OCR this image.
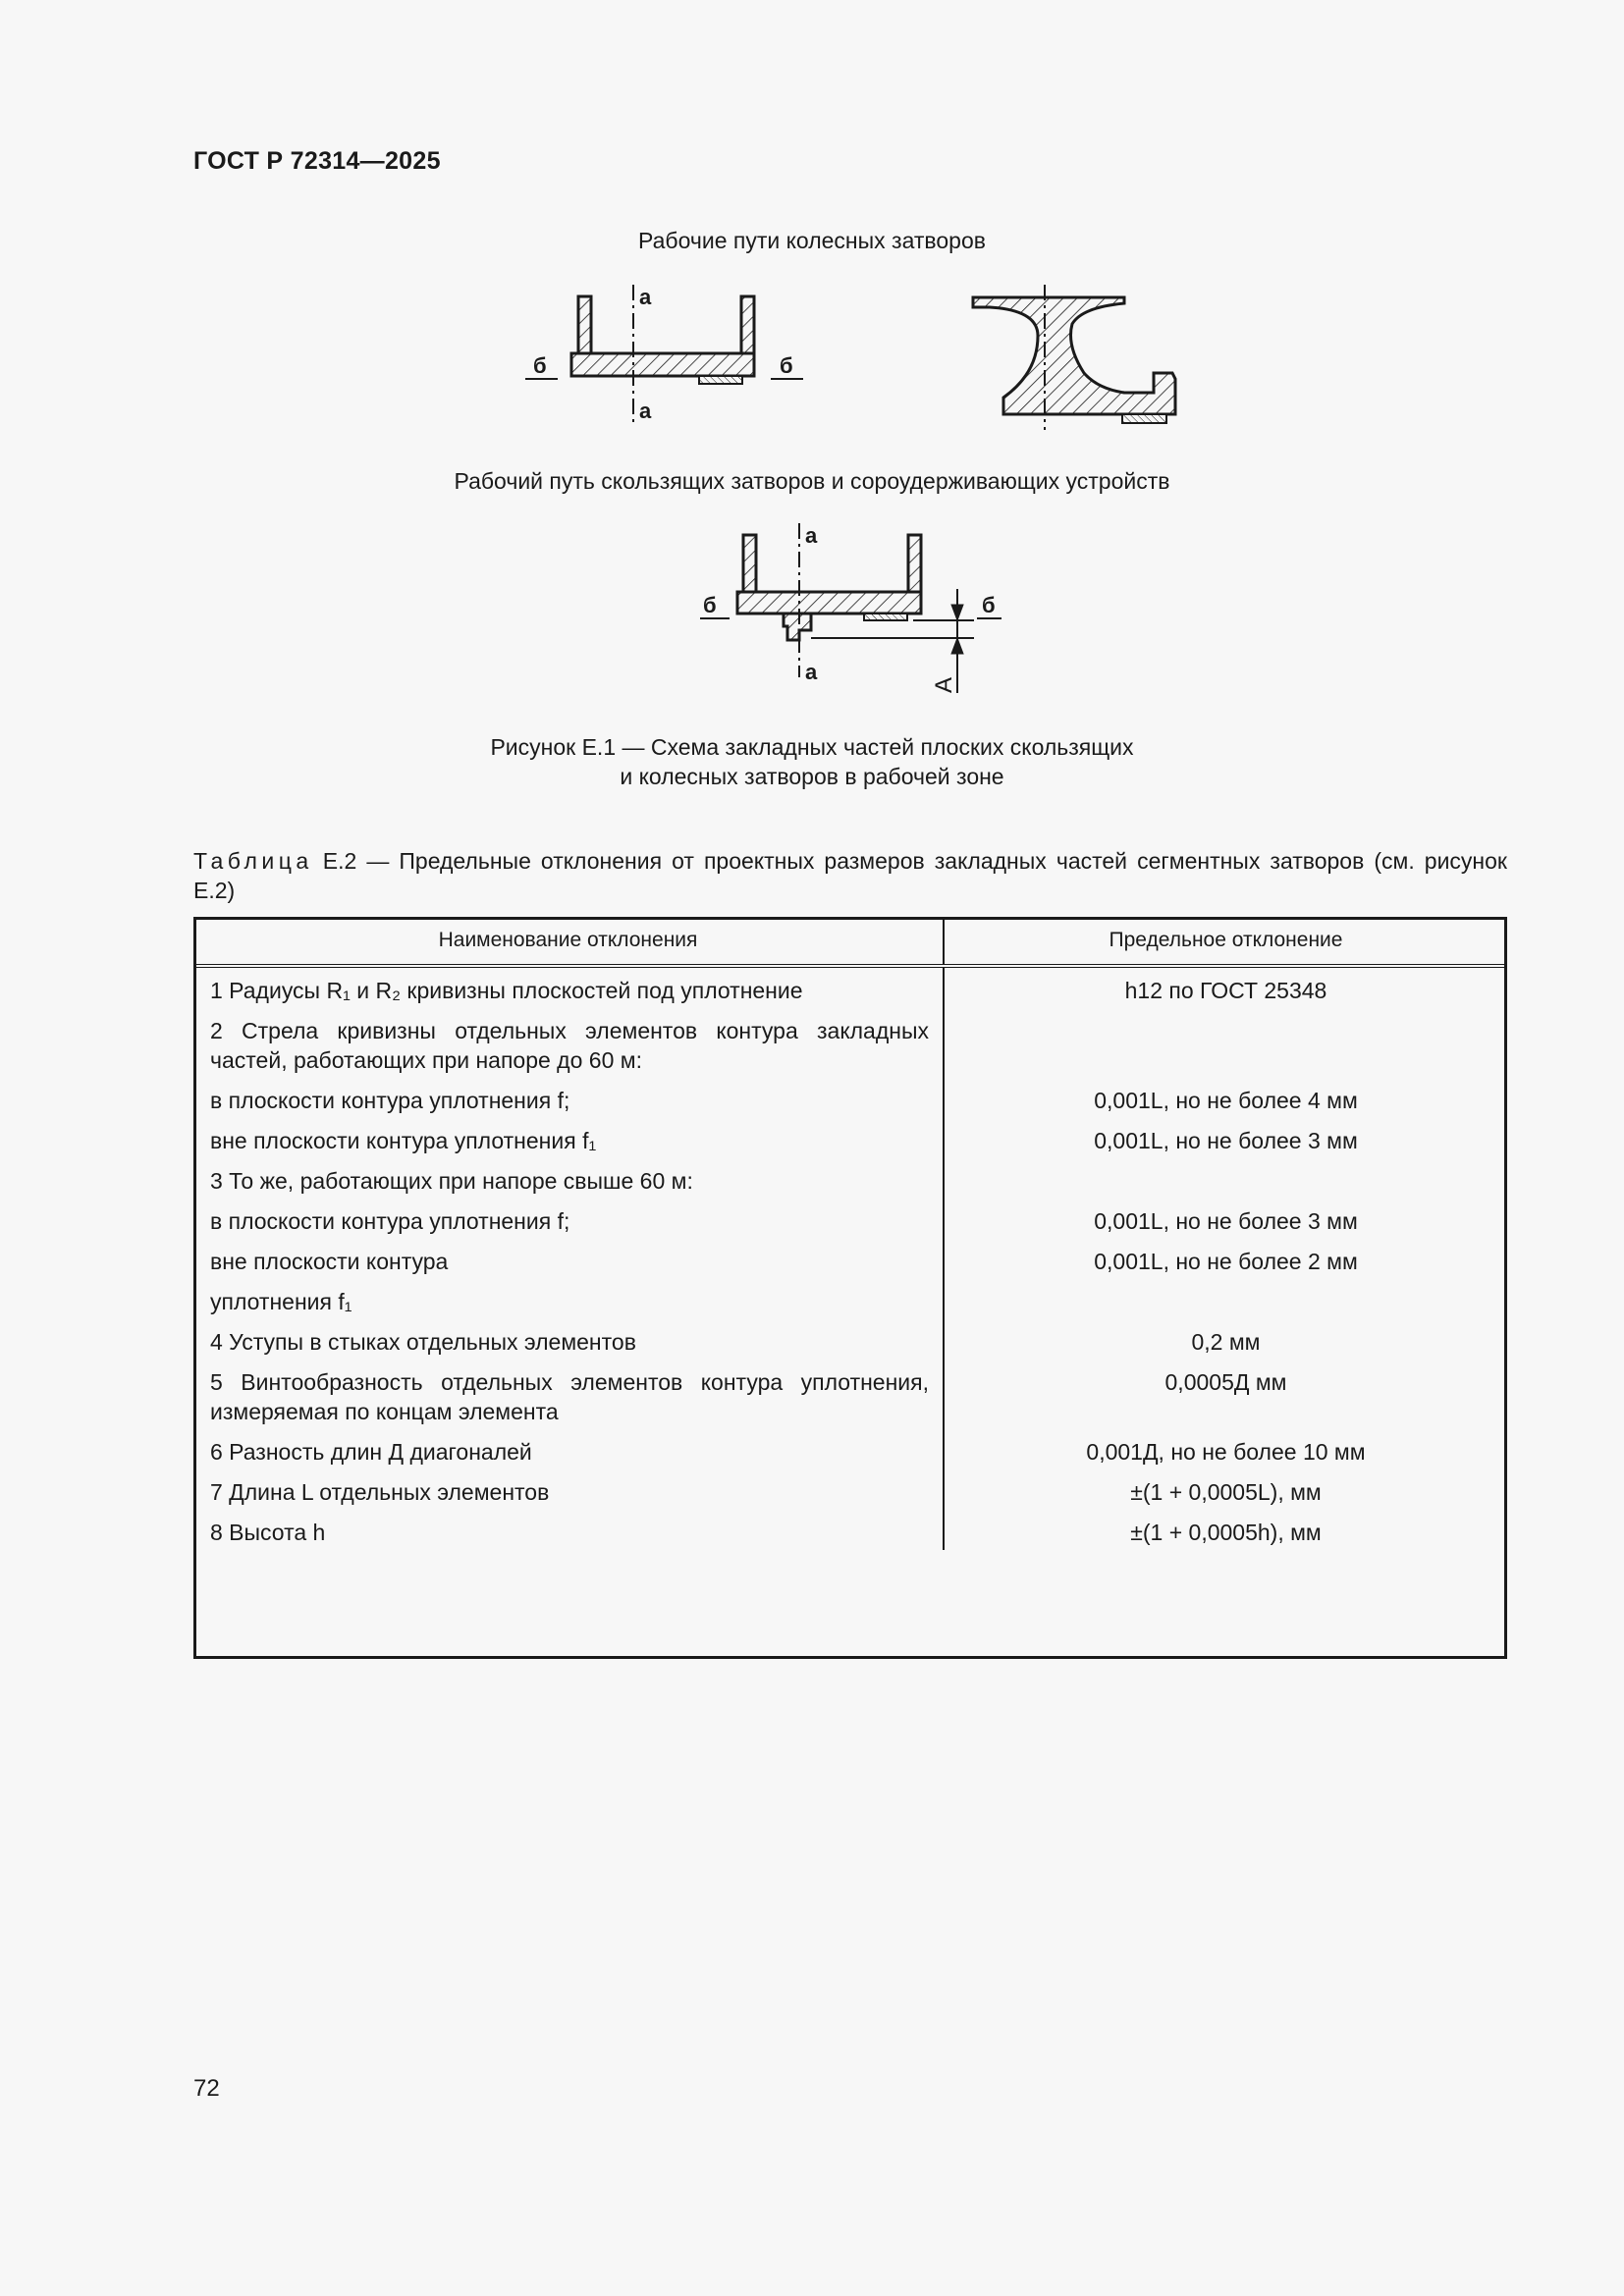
ГОСТ Р 72314—2025
Рабочие пути колесных затворов
Рабочий путь скользящих затворов и сороудерживающих устройств
а
а
б	б
а
а
б	б
А
Рисунок Е.1 — Схема закладных частей плоских скользящих
и колесных затворов в рабочей зоне
Таблица Е.2 — Предельные отклонения от проектных размеров закладных частей сегментных затворов (см. рисунок Е.2)
Наименование отклонения	Предельное отклонение
1 Радиусы R₁ и R₂ кривизны плоскостей под уплотнение	h12 по ГОСТ 25348
2 Стрела кривизны отдельных элементов контура закладных частей, работающих при напоре до 60 м:	
в плоскости контура уплотнения f;	0,001L, но не более 4 мм
вне плоскости контура уплотнения f₁	0,001L, но не более 3 мм
3 То же, работающих при напоре свыше 60 м:	
в плоскости контура уплотнения f;	0,001L, но не более 3 мм
вне плоскости контура	0,001L, но не более 2 мм
уплотнения f₁	
4 Уступы в стыках отдельных элементов	0,2 мм
5 Винтообразность отдельных элементов контура уплотнения, измеряемая по концам элемента	0,0005Д мм
6 Разность длин Д диагоналей	0,001Д, но не более 10 мм
7 Длина L отдельных элементов	±(1 + 0,0005L), мм
8 Высота h	±(1 + 0,0005h), мм
72
